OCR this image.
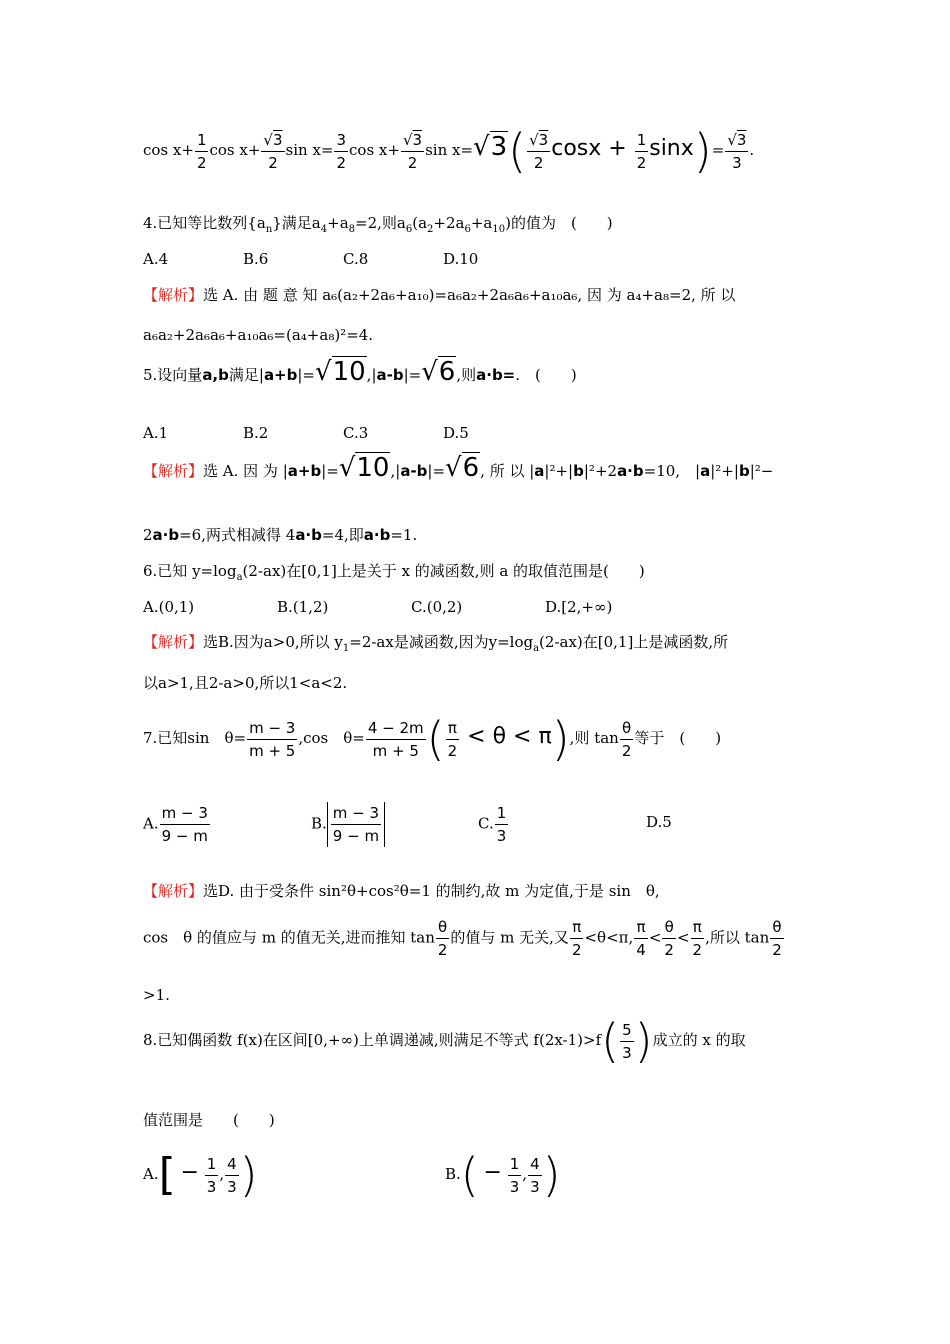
$\cos x+ \frac{1}{2}$ $\cos x+ \frac{√3}{2}$ $\sin x= \frac{3}{2}$ $\cos x+ \frac{√3}{2}$ $\sin x=√3( \frac{√3}{2}$ $\cos x + \frac{1}{2} \sin x)= \frac{√3}{3}$ .
4.已知等比数列$\{a_n\}$满足$a_4+a_8=2$,则$a_6(a_2+2a_6+a_{10})$的值为　(　　)
A.4	B.6	C.8	D.10
【解析】选 A. 由 题 意 知 a₆(a₂+2a₆+a₁₀)=a₆a₂+2a₆a₆+a₁₀a₆, 因 为 a₄+a₈=2, 所 以
a₆a₂+2a₆a₆+a₁₀a₆=(a₄+a₈)²=4.
5.设向量a,b满足|a+b|=√10,|a-b|=√6,则a·b=.　(　　)
A.1	B.2	C.3	D.5
【解析】选 A. 因 为 |a+b|=√10,|a-b|=√6, 所 以 |a|²+|b|²+2a·b=10,　|a|²+|b|²−
2a·b=6,两式相减得 4a·b=4,即a·b=1.
6.已知 $y=\log_a(2-ax)$在[0,1]上是关于 x 的减函数,则 a 的取值范围是(　　)
A.(0,1)	B.(1,2)	C.(0,2)	D.[2,+∞)
【解析】选B.因为a>0,所以 $y_1=2-ax$是减函数,因为$y=\log_a(2-ax)$在[0,1]上是减函数,所
以a>1,且2-a>0,所以1<a<2.
7.已知sin　$\theta= \frac{m - 3}{m + 5} ,\cos$　$\theta= \frac{4 - 2m}{m + 5}$ ( $\frac{\pi}{2} < \theta < \pi$),则 $\tan \frac{\theta}{2}$ 等于　(　　)
A. $\frac{m - 3}{9 - m}$	B. $\frac{m - 3}{9 - m}$	C. $\frac{1}{3}$	D.5
【解析】选D. 由于受条件 sin²θ+cos²θ=1 的制约,故 m 为定值,于是 sin　θ,
cos　θ 的值应与 m 的值无关,进而推知 $\tan \frac{\theta}{2}$ 的值与 m 无关,又 $\frac{\pi}{2} <\theta<\pi$, $\frac{\pi}{4} < \frac{\theta}{2} < \frac{\pi}{2}$ ,所以 $\tan \frac{\theta}{2}$
>1.
8.已知偶函数 f(x)在区间[0,+∞)上单调递减,则满足不等式 $f(2x-1)>f( \frac{5}{3}$ )成立的 x 的取
值范围是　　(　　)
$A.[ - \frac{1}{3}$ , $\frac{4}{3}$ )	$B.( - \frac{1}{3}$ , $\frac{4}{3}$ )
